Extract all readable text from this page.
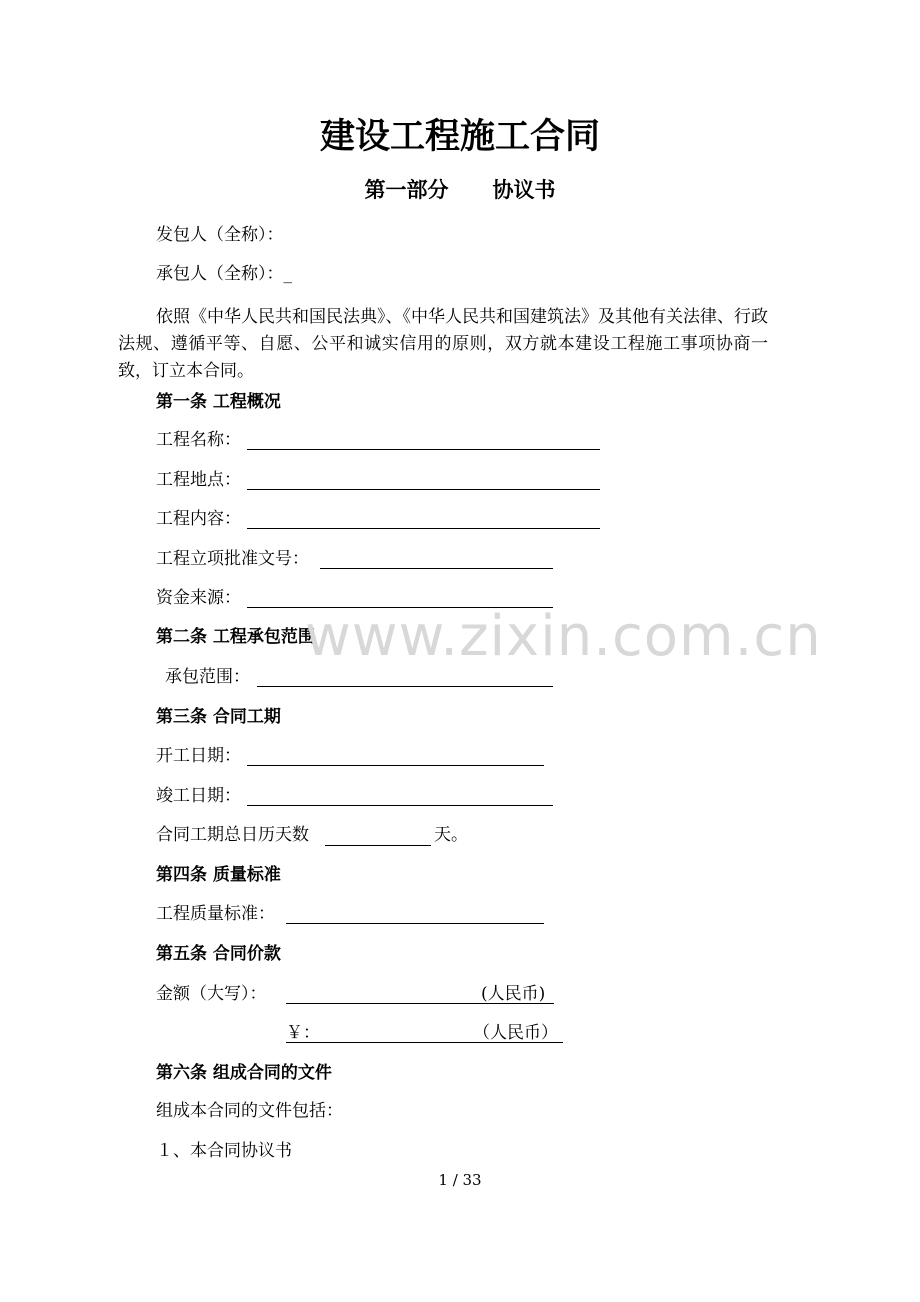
建设工程施工合同
第一部分 协议书
发包人（全称）：
承包人（全称）：_
依照《中华人民共和国民法典》、《中华人民共和国建筑法》及其他有关法律、行政法规、遵循平等、自愿、公平和诚实信用的原则，双方就本建设工程施工事项协商一致，订立本合同。
第一条 工程概况
工程名称：
工程地点：
工程内容：
工程立项批准文号：
资金来源：
第二条 工程承包范围
承包范围：
第三条 合同工期
开工日期：
竣工日期：
合同工期总日历天数	天。
第四条 质量标准
工程质量标准：
第五条 合同价款
金额（大写）：	(人民币)
￥：	（人民币）
第六条 组成合同的文件
组成本合同的文件包括：
１、本合同协议书
www.zixin.com.cn
1 / 33
